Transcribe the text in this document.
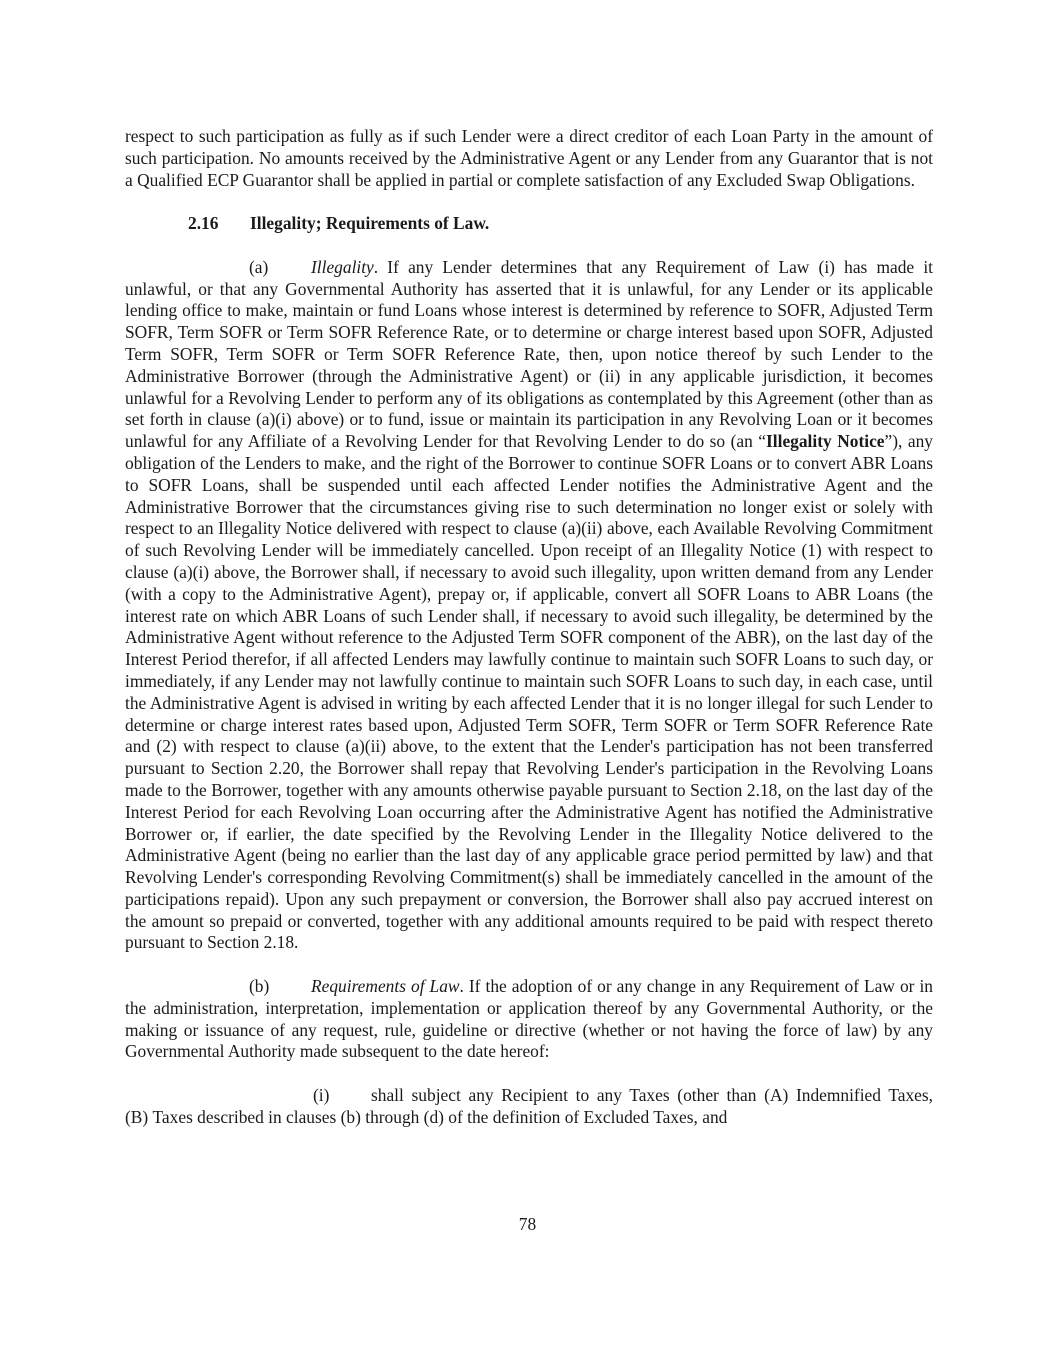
respect to such participation as fully as if such Lender were a direct creditor of each Loan Party in the amount of such participation. No amounts received by the Administrative Agent or any Lender from any Guarantor that is not a Qualified ECP Guarantor shall be applied in partial or complete satisfaction of any Excluded Swap Obligations.

2.16 Illegality; Requirements of Law.

(a) Illegality. If any Lender determines that any Requirement of Law (i) has made it unlawful, or that any Governmental Authority has asserted that it is unlawful, for any Lender or its applicable lending office to make, maintain or fund Loans whose interest is determined by reference to SOFR, Adjusted Term SOFR, Term SOFR or Term SOFR Reference Rate, or to determine or charge interest based upon SOFR, Adjusted Term SOFR, Term SOFR or Term SOFR Reference Rate, then, upon notice thereof by such Lender to the Administrative Borrower (through the Administrative Agent) or (ii) in any applicable jurisdiction, it becomes unlawful for a Revolving Lender to perform any of its obligations as contemplated by this Agreement (other than as set forth in clause (a)(i) above) or to fund, issue or maintain its participation in any Revolving Loan or it becomes unlawful for any Affiliate of a Revolving Lender for that Revolving Lender to do so (an “Illegality Notice”), any obligation of the Lenders to make, and the right of the Borrower to continue SOFR Loans or to convert ABR Loans to SOFR Loans, shall be suspended until each affected Lender notifies the Administrative Agent and the Administrative Borrower that the circumstances giving rise to such determination no longer exist or solely with respect to an Illegality Notice delivered with respect to clause (a)(ii) above, each Available Revolving Commitment of such Revolving Lender will be immediately cancelled. Upon receipt of an Illegality Notice (1) with respect to clause (a)(i) above, the Borrower shall, if necessary to avoid such illegality, upon written demand from any Lender (with a copy to the Administrative Agent), prepay or, if applicable, convert all SOFR Loans to ABR Loans (the interest rate on which ABR Loans of such Lender shall, if necessary to avoid such illegality, be determined by the Administrative Agent without reference to the Adjusted Term SOFR component of the ABR), on the last day of the Interest Period therefor, if all affected Lenders may lawfully continue to maintain such SOFR Loans to such day, or immediately, if any Lender may not lawfully continue to maintain such SOFR Loans to such day, in each case, until the Administrative Agent is advised in writing by each affected Lender that it is no longer illegal for such Lender to determine or charge interest rates based upon, Adjusted Term SOFR, Term SOFR or Term SOFR Reference Rate and (2) with respect to clause (a)(ii) above, to the extent that the Lender's participation has not been transferred pursuant to Section 2.20, the Borrower shall repay that Revolving Lender's participation in the Revolving Loans made to the Borrower, together with any amounts otherwise payable pursuant to Section 2.18, on the last day of the Interest Period for each Revolving Loan occurring after the Administrative Agent has notified the Administrative Borrower or, if earlier, the date specified by the Revolving Lender in the Illegality Notice delivered to the Administrative Agent (being no earlier than the last day of any applicable grace period permitted by law) and that Revolving Lender's corresponding Revolving Commitment(s) shall be immediately cancelled in the amount of the participations repaid). Upon any such prepayment or conversion, the Borrower shall also pay accrued interest on the amount so prepaid or converted, together with any additional amounts required to be paid with respect thereto pursuant to Section 2.18.

(b) Requirements of Law. If the adoption of or any change in any Requirement of Law or in the administration, interpretation, implementation or application thereof by any Governmental Authority, or the making or issuance of any request, rule, guideline or directive (whether or not having the force of law) by any Governmental Authority made subsequent to the date hereof:

(i) shall subject any Recipient to any Taxes (other than (A) Indemnified Taxes, (B) Taxes described in clauses (b) through (d) of the definition of Excluded Taxes, and

78
